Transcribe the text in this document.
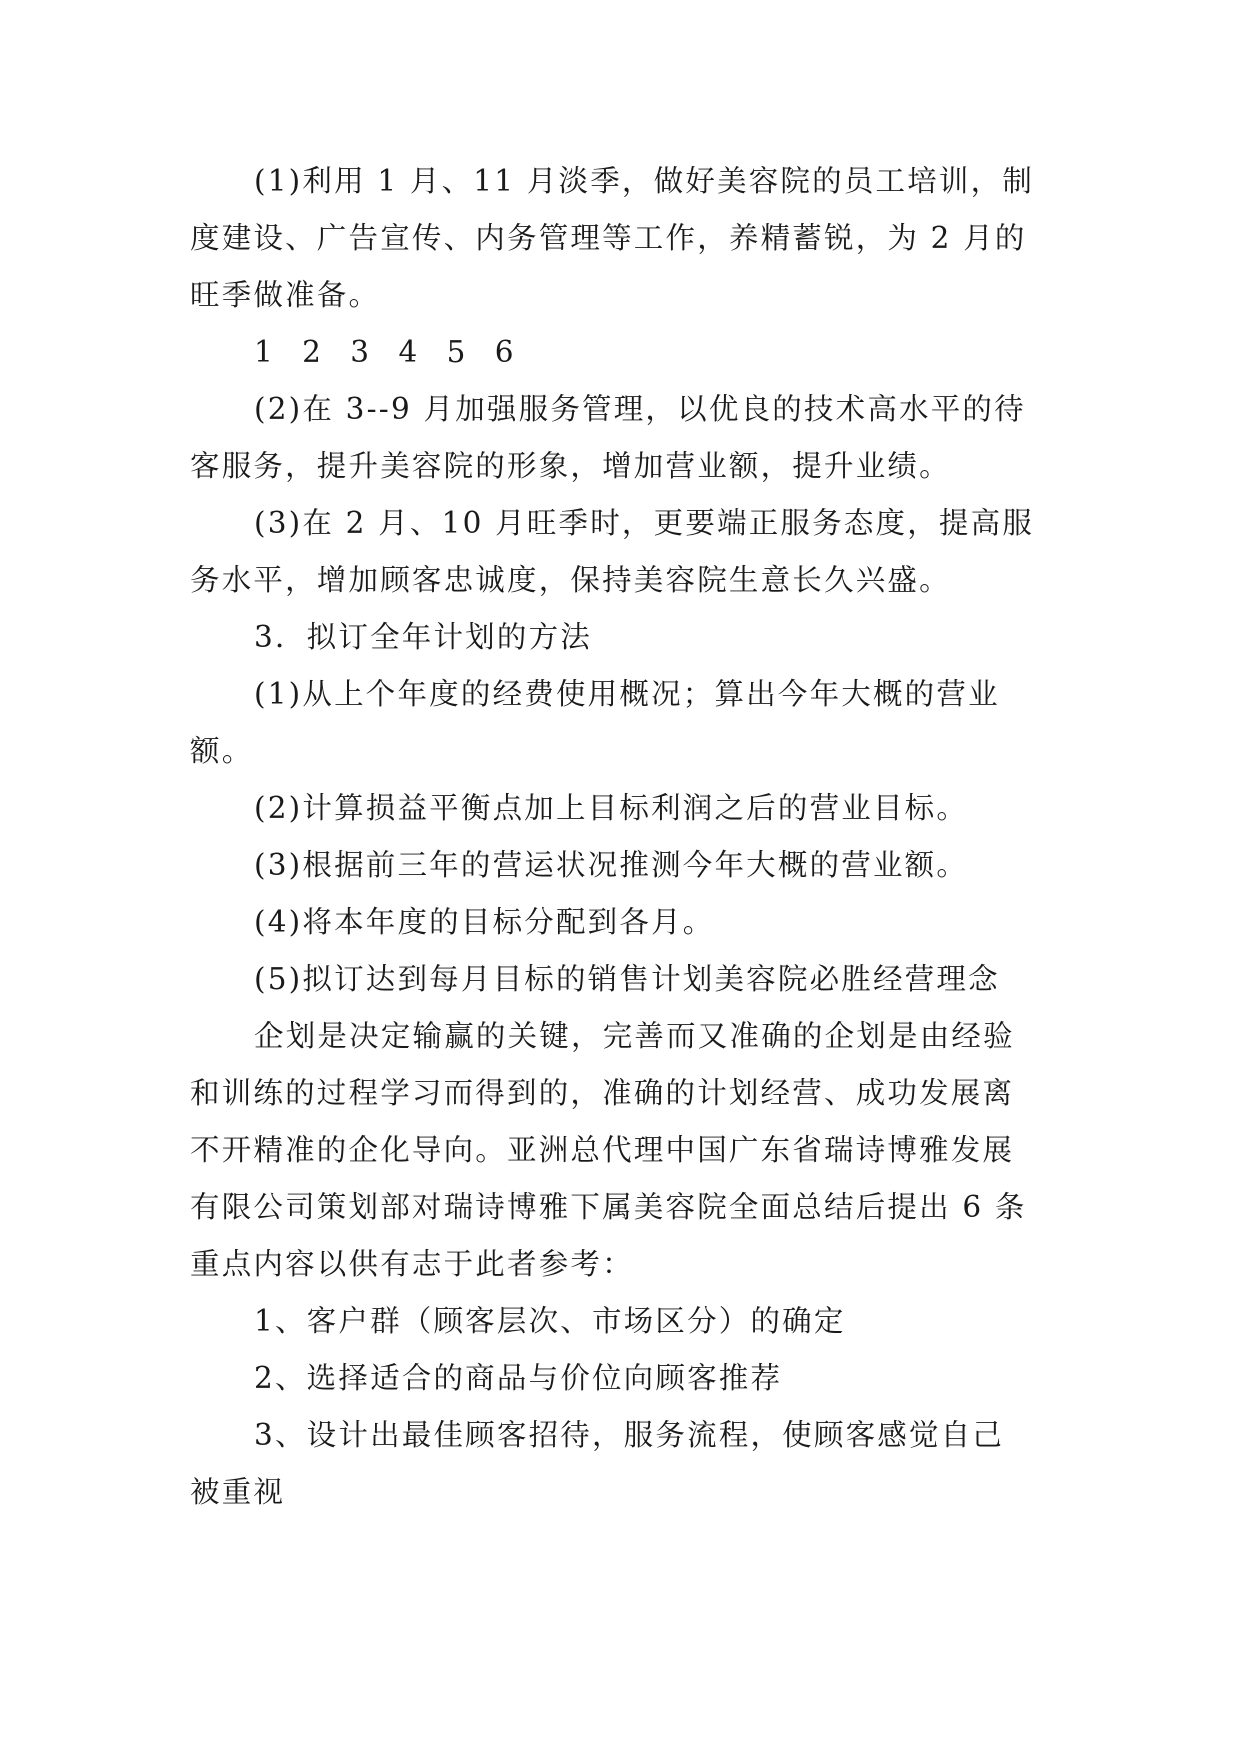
(1)利用 1 月、11 月淡季，做好美容院的员工培训，制
度建设、广告宣传、内务管理等工作，养精蓄锐，为 2 月的
旺季做准备。
1 2 3 4 5 6
(2)在 3--9 月加强服务管理，以优良的技术高水平的待
客服务，提升美容院的形象，增加营业额，提升业绩。
(3)在 2 月、10 月旺季时，更要端正服务态度，提高服
务水平，增加顾客忠诚度，保持美容院生意长久兴盛。
3．拟订全年计划的方法
(1)从上个年度的经费使用概况；算出今年大概的营业
额。
(2)计算损益平衡点加上目标利润之后的营业目标。
(3)根据前三年的营运状况推测今年大概的营业额。
(4)将本年度的目标分配到各月。
(5)拟订达到每月目标的销售计划美容院必胜经营理念
企划是决定输赢的关键，完善而又准确的企划是由经验
和训练的过程学习而得到的，准确的计划经营、成功发展离
不开精准的企化导向。亚洲总代理中国广东省瑞诗博雅发展
有限公司策划部对瑞诗博雅下属美容院全面总结后提出 6 条
重点内容以供有志于此者参考：
1、客户群（顾客层次、市场区分）的确定
2、选择适合的商品与价位向顾客推荐
3、设计出最佳顾客招待，服务流程，使顾客感觉自己
被重视
